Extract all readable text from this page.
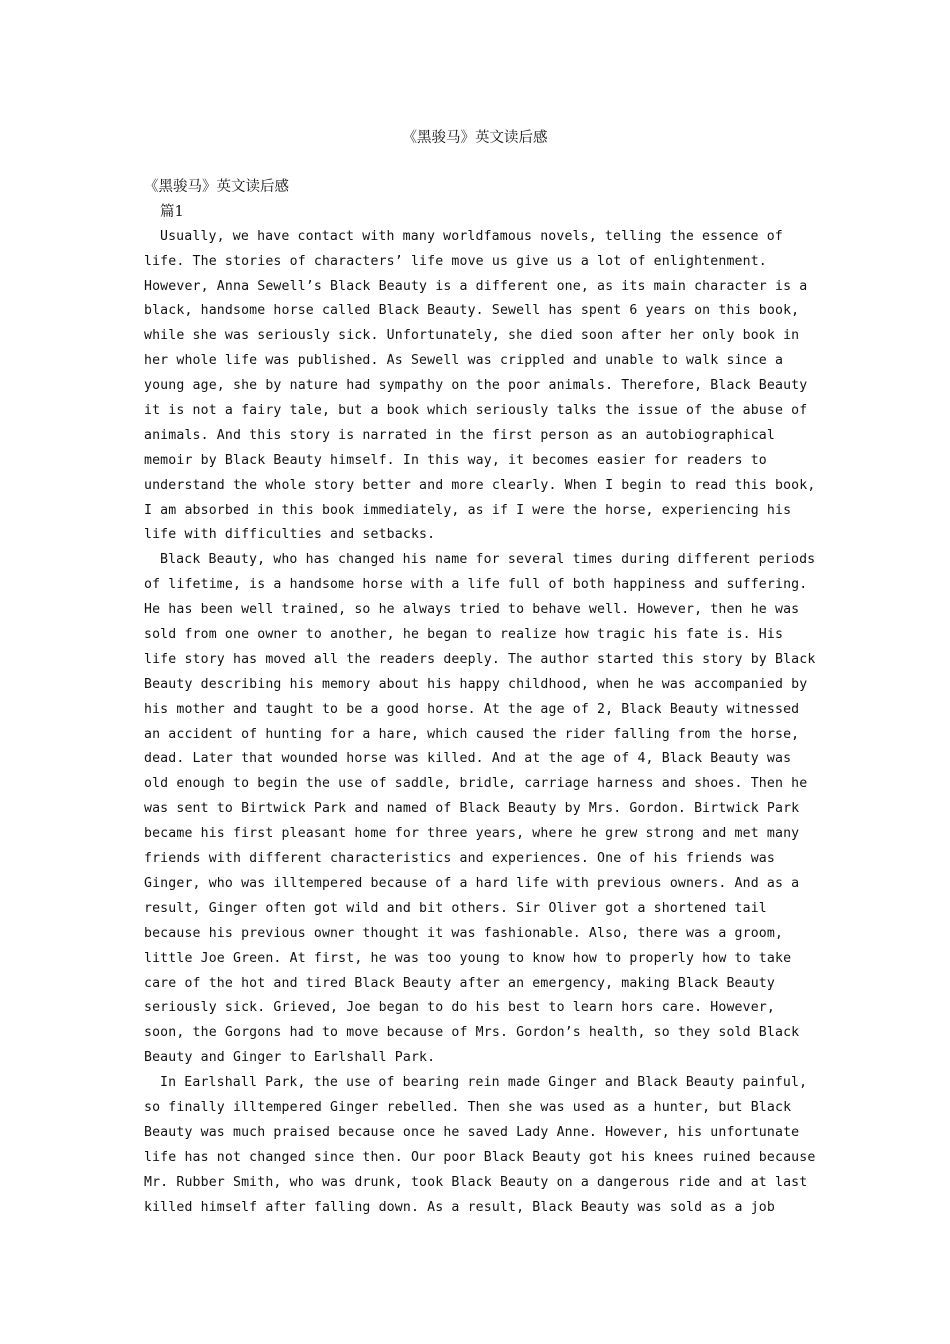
《黑骏马》英文读后感
《黑骏马》英文读后感
篇1
Usually, we have contact with many worldfamous novels, telling the essence of
life. The stories of characters’ life move us give us a lot of enlightenment.
However, Anna Sewell’s Black Beauty is a different one, as its main character is a
black, handsome horse called Black Beauty. Sewell has spent 6 years on this book,
while she was seriously sick. Unfortunately, she died soon after her only book in
her whole life was published. As Sewell was crippled and unable to walk since a
young age, she by nature had sympathy on the poor animals. Therefore, Black Beauty
it is not a fairy tale, but a book which seriously talks the issue of the abuse of
animals. And this story is narrated in the first person as an autobiographical
memoir by Black Beauty himself. In this way, it becomes easier for readers to
understand the whole story better and more clearly. When I begin to read this book,
I am absorbed in this book immediately, as if I were the horse, experiencing his
life with difficulties and setbacks.
Black Beauty, who has changed his name for several times during different periods
of lifetime, is a handsome horse with a life full of both happiness and suffering.
He has been well trained, so he always tried to behave well. However, then he was
sold from one owner to another, he began to realize how tragic his fate is. His
life story has moved all the readers deeply. The author started this story by Black
Beauty describing his memory about his happy childhood, when he was accompanied by
his mother and taught to be a good horse. At the age of 2, Black Beauty witnessed
an accident of hunting for a hare, which caused the rider falling from the horse,
dead. Later that wounded horse was killed. And at the age of 4, Black Beauty was
old enough to begin the use of saddle, bridle, carriage harness and shoes. Then he
was sent to Birtwick Park and named of Black Beauty by Mrs. Gordon. Birtwick Park
became his first pleasant home for three years, where he grew strong and met many
friends with different characteristics and experiences. One of his friends was
Ginger, who was illtempered because of a hard life with previous owners. And as a
result, Ginger often got wild and bit others. Sir Oliver got a shortened tail
because his previous owner thought it was fashionable. Also, there was a groom,
little Joe Green. At first, he was too young to know how to properly how to take
care of the hot and tired Black Beauty after an emergency, making Black Beauty
seriously sick. Grieved, Joe began to do his best to learn hors care. However,
soon, the Gorgons had to move because of Mrs. Gordon’s health, so they sold Black
Beauty and Ginger to Earlshall Park.
In Earlshall Park, the use of bearing rein made Ginger and Black Beauty painful,
so finally illtempered Ginger rebelled. Then she was used as a hunter, but Black
Beauty was much praised because once he saved Lady Anne. However, his unfortunate
life has not changed since then. Our poor Black Beauty got his knees ruined because
Mr. Rubber Smith, who was drunk, took Black Beauty on a dangerous ride and at last
killed himself after falling down. As a result, Black Beauty was sold as a job
